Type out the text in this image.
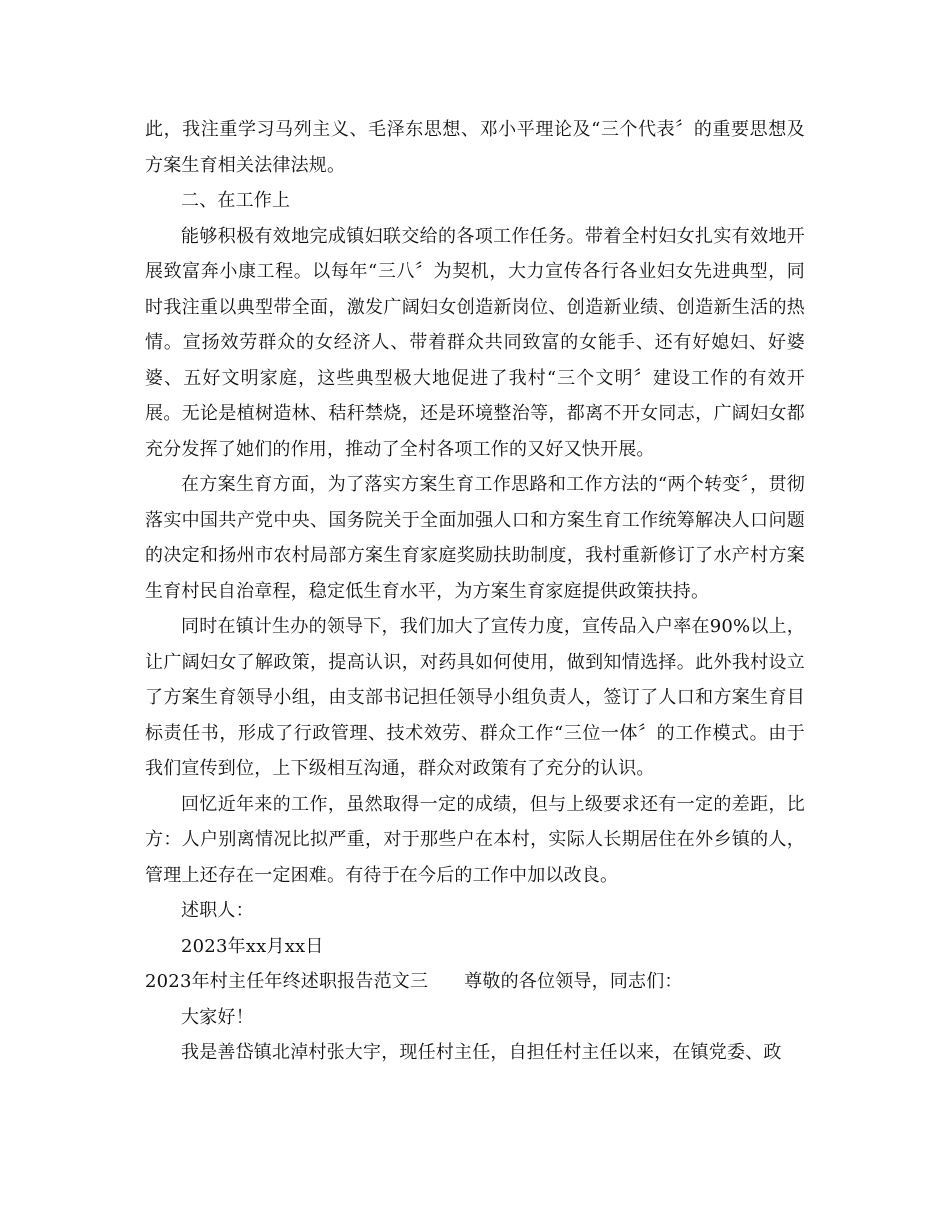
此，我注重学习马列主义、毛泽东思想、邓小平理论及“三个代表〞的重要思想及方案生育相关法律法规。

二、在工作上

能够积极有效地完成镇妇联交给的各项工作任务。带着全村妇女扎实有效地开展致富奔小康工程。以每年“三八〞为契机，大力宣传各行各业妇女先进典型，同时我注重以典型带全面，激发广阔妇女创造新岗位、创造新业绩、创造新生活的热情。宣扬效劳群众的女经济人、带着群众共同致富的女能手、还有好媳妇、好婆婆、五好文明家庭，这些典型极大地促进了我村“三个文明〞建设工作的有效开展。无论是植树造林、秸秆禁烧，还是环境整治等，都离不开女同志，广阔妇女都充分发挥了她们的作用，推动了全村各项工作的又好又快开展。

在方案生育方面，为了落实方案生育工作思路和工作方法的“两个转变〞，贯彻落实中国共产党中央、国务院关于全面加强人口和方案生育工作统筹解决人口问题的决定和扬州市农村局部方案生育家庭奖励扶助制度，我村重新修订了水产村方案生育村民自治章程，稳定低生育水平，为方案生育家庭提供政策扶持。

同时在镇计生办的领导下，我们加大了宣传力度，宣传品入户率在90%以上，让广阔妇女了解政策，提高认识，对药具如何使用，做到知情选择。此外我村设立了方案生育领导小组，由支部书记担任领导小组负责人，签订了人口和方案生育目标责任书，形成了行政管理、技术效劳、群众工作“三位一体〞的工作模式。由于我们宣传到位，上下级相互沟通，群众对政策有了充分的认识。

回忆近年来的工作，虽然取得一定的成绩，但与上级要求还有一定的差距，比方：人户别离情况比拟严重，对于那些户在本村，实际人长期居住在外乡镇的人，管理上还存在一定困难。有待于在今后的工作中加以改良。

述职人：

2023年xx月xx日

2023年村主任年终述职报告范文三 尊敬的各位领导，同志们：

大家好！

我是善岱镇北淖村张大宇，现任村主任，自担任村主任以来，在镇党委、政
